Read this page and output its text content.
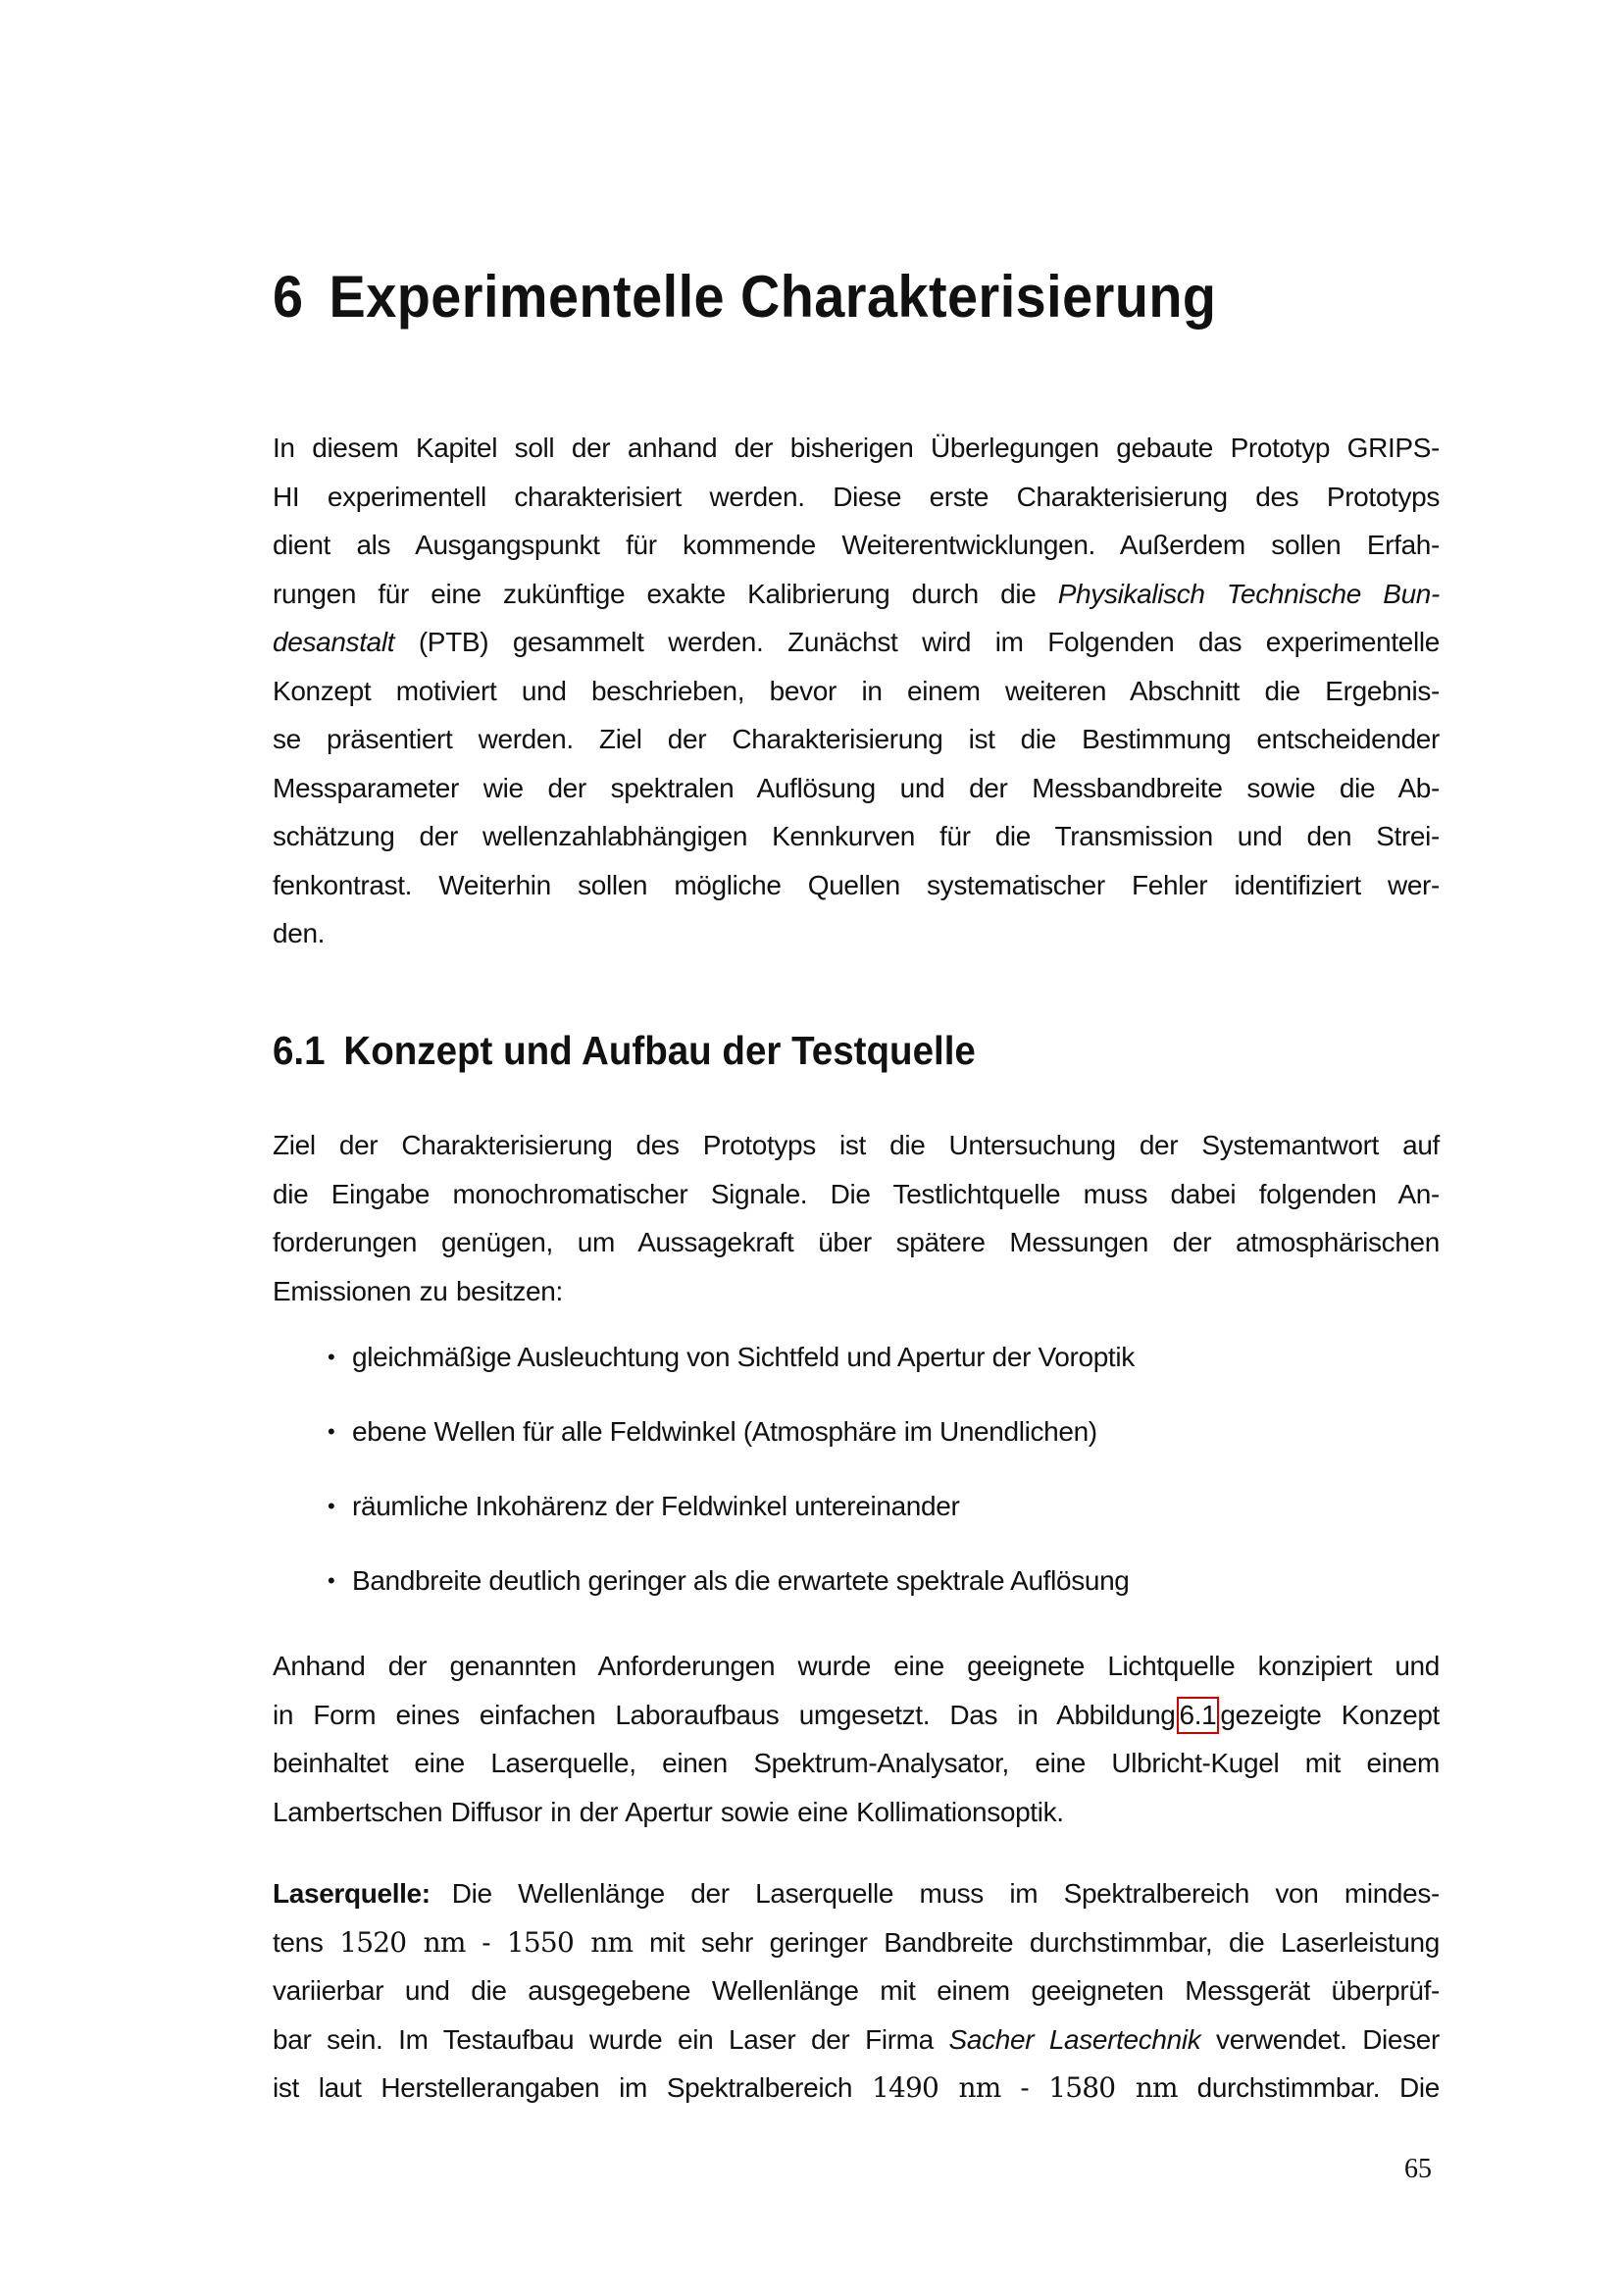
6 Experimentelle Charakterisierung

In diesem Kapitel soll der anhand der bisherigen Überlegungen gebaute Prototyp GRIPS-
HI experimentell charakterisiert werden. Diese erste Charakterisierung des Prototyps
dient als Ausgangspunkt für kommende Weiterentwicklungen. Außerdem sollen Erfah-
rungen für eine zukünftige exakte Kalibrierung durch die Physikalisch Technische Bun-
desanstalt (PTB) gesammelt werden. Zunächst wird im Folgenden das experimentelle
Konzept motiviert und beschrieben, bevor in einem weiteren Abschnitt die Ergebnis-
se präsentiert werden. Ziel der Charakterisierung ist die Bestimmung entscheidender
Messparameter wie der spektralen Auflösung und der Messbandbreite sowie die Ab-
schätzung der wellenzahlabhängigen Kennkurven für die Transmission und den Strei-
fenkontrast. Weiterhin sollen mögliche Quellen systematischer Fehler identifiziert wer-
den.

6.1 Konzept und Aufbau der Testquelle

Ziel der Charakterisierung des Prototyps ist die Untersuchung der Systemantwort auf
die Eingabe monochromatischer Signale. Die Testlichtquelle muss dabei folgenden An-
forderungen genügen, um Aussagekraft über spätere Messungen der atmosphärischen
Emissionen zu besitzen:

• gleichmäßige Ausleuchtung von Sichtfeld und Apertur der Voroptik
• ebene Wellen für alle Feldwinkel (Atmosphäre im Unendlichen)
• räumliche Inkohärenz der Feldwinkel untereinander
• Bandbreite deutlich geringer als die erwartete spektrale Auflösung

Anhand der genannten Anforderungen wurde eine geeignete Lichtquelle konzipiert und
in Form eines einfachen Laboraufbaus umgesetzt. Das in Abbildung 6.1 gezeigte Konzept
beinhaltet eine Laserquelle, einen Spektrum-Analysator, eine Ulbricht-Kugel mit einem
Lambertschen Diffusor in der Apertur sowie eine Kollimationsoptik.

Laserquelle: Die Wellenlänge der Laserquelle muss im Spektralbereich von mindes-
tens 1520 nm - 1550 nm mit sehr geringer Bandbreite durchstimmbar, die Laserleistung
variierbar und die ausgegebene Wellenlänge mit einem geeigneten Messgerät überprüf-
bar sein. Im Testaufbau wurde ein Laser der Firma Sacher Lasertechnik verwendet. Dieser
ist laut Herstellerangaben im Spektralbereich 1490 nm - 1580 nm durchstimmbar. Die

65
